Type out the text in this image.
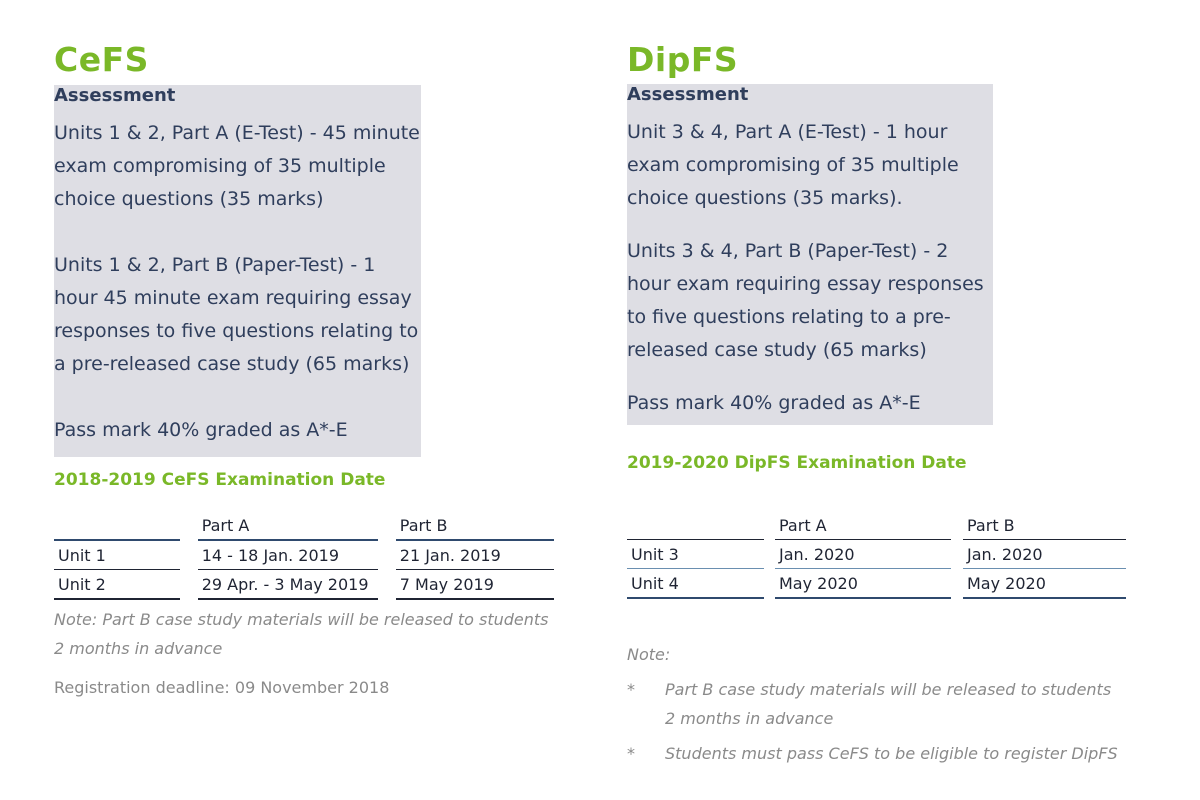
CeFS

Assessment

Units 1 & 2, Part A (E-Test) - 45 minute exam compromising of 35 multiple choice questions (35 marks)

Units 1 & 2, Part B (Paper-Test) - 1 hour 45 minute exam requiring essay responses to five questions relating to a pre-released case study (65 marks)

Pass mark 40% graded as A*-E

2018-2019 CeFS Examination Date
		Part A		Part B
Unit 1		14 - 18 Jan. 2019		21 Jan. 2019
Unit 2		29 Apr. - 3 May 2019		7 May 2019

Note: Part B case study materials will be released to students 2 months in advance

Registration deadline: 09 November 2018

DipFS

Assessment

Unit 3 & 4, Part A (E-Test) - 1 hour exam compromising of 35 multiple choice questions (35 marks).

Units 3 & 4, Part B (Paper-Test) - 2 hour exam requiring essay responses to five questions relating to a pre-released case study (65 marks)

Pass mark 40% graded as A*-E

2019-2020 DipFS Examination Date
		Part A		Part B
Unit 3		Jan. 2020		Jan. 2020
Unit 4		May 2020		May 2020

Note:

*	Part B case study materials will be released to students 2 months in advance
*	Students must pass CeFS to be eligible to register DipFS
